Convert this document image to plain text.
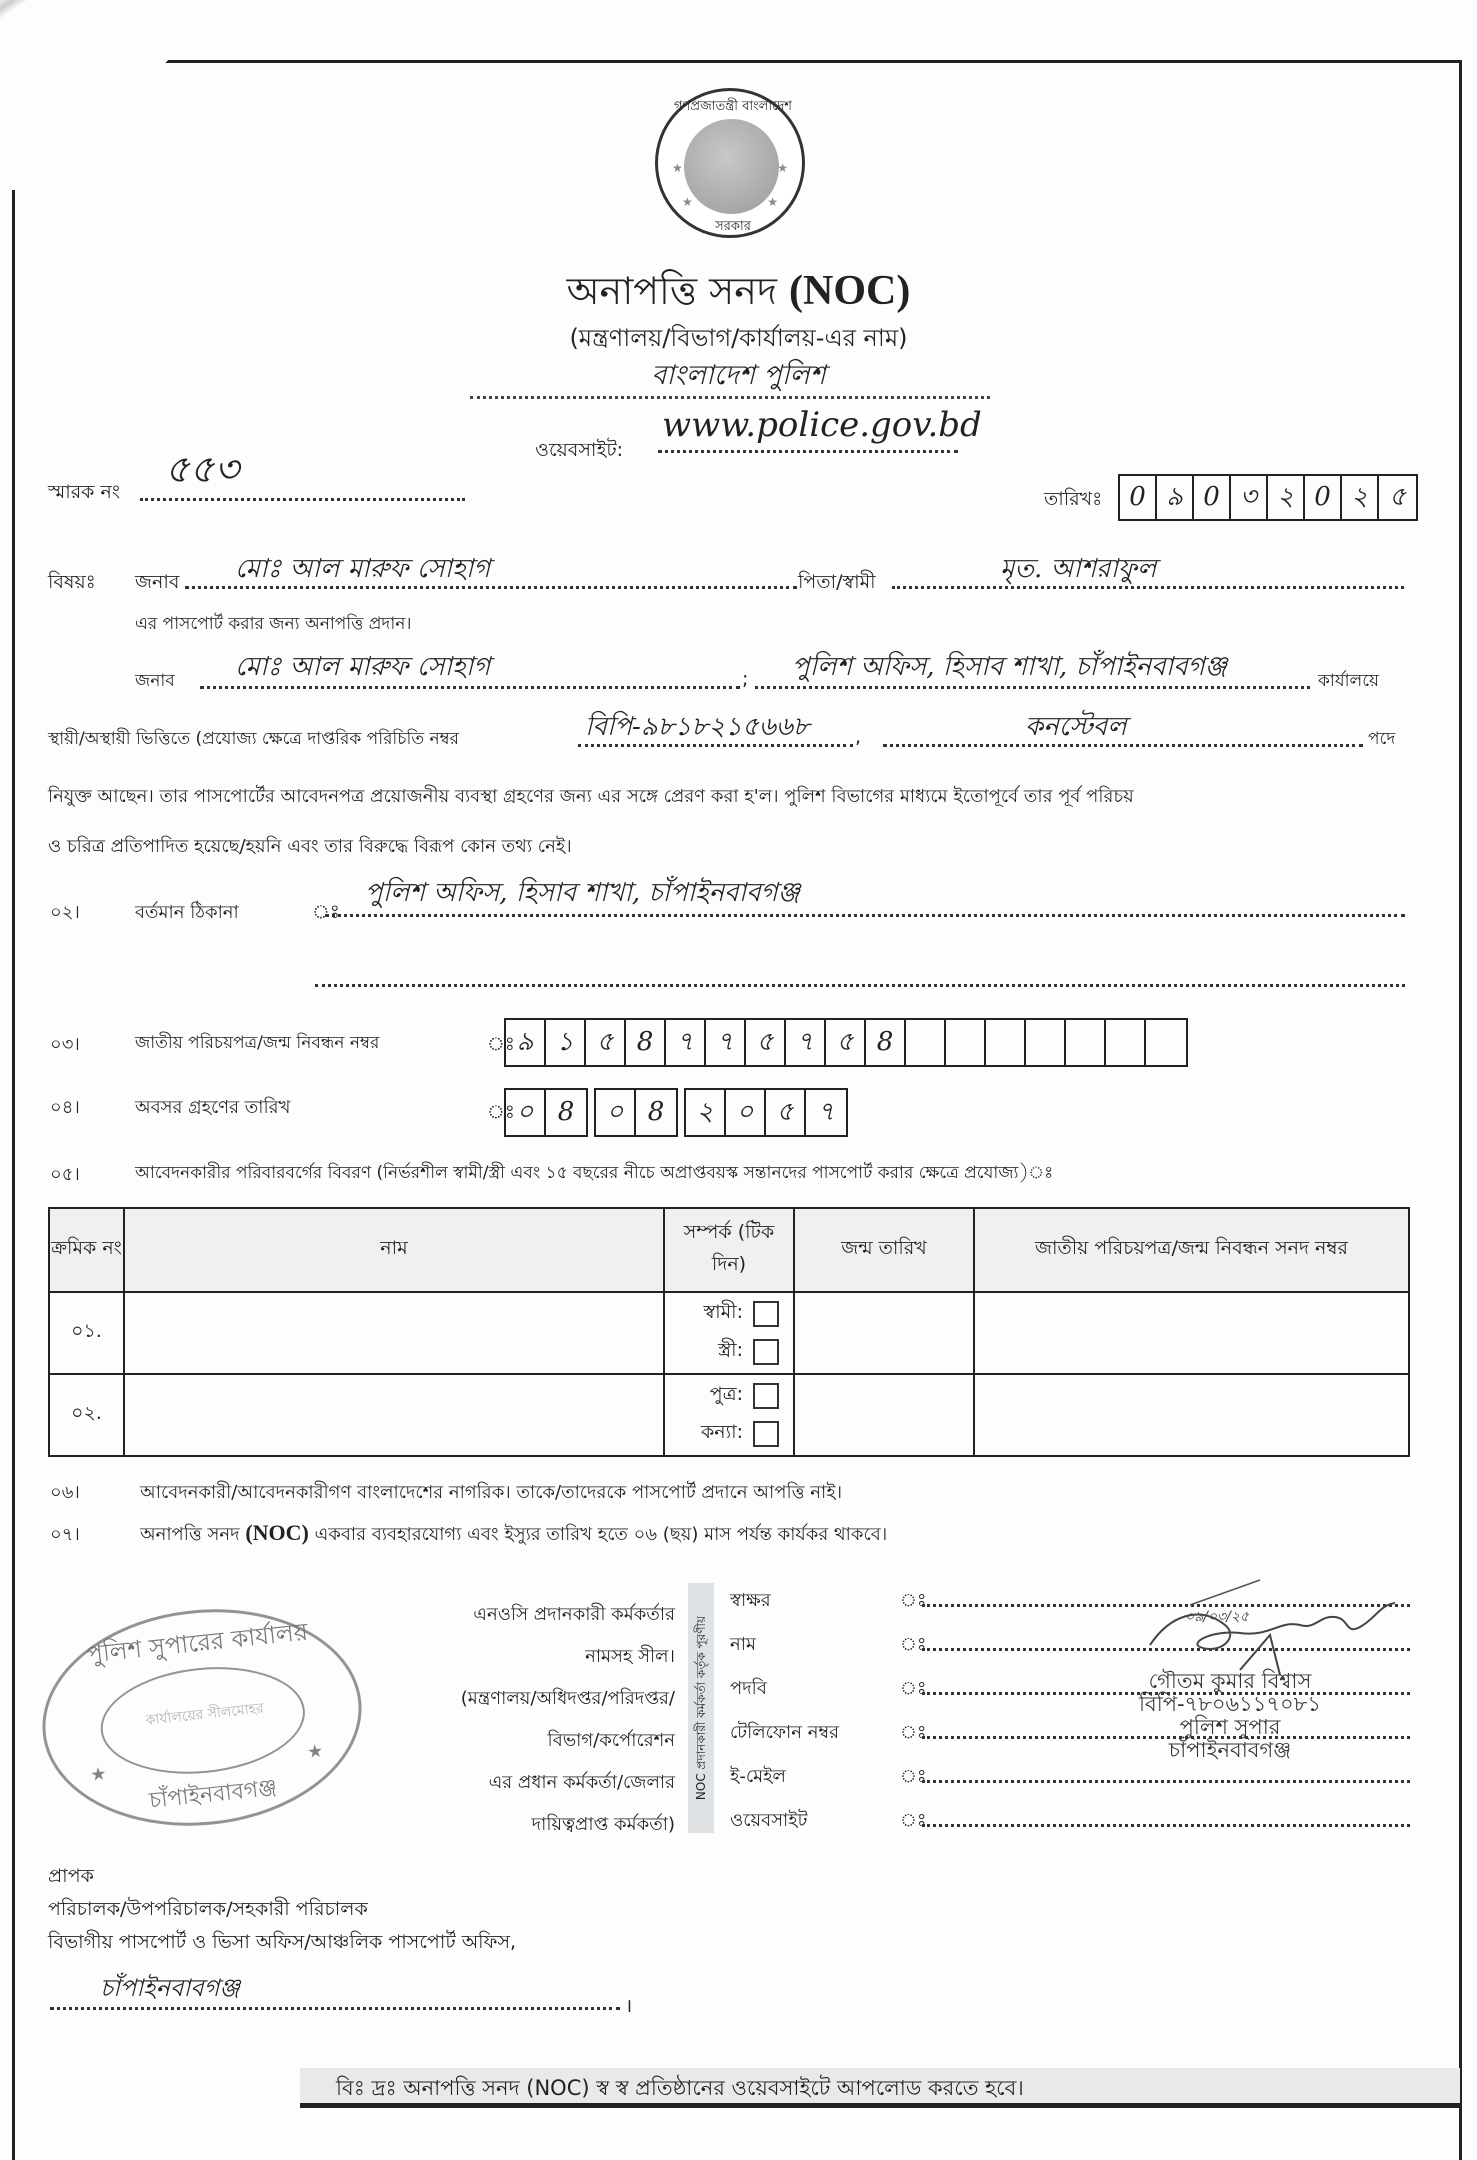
গণপ্রজাতন্ত্রী বাংলাদেশ
★	★
★	★
সরকার
অনাপত্তি সনদ (NOC)
(মন্ত্রণালয়/বিভাগ/কার্যালয়-এর নাম)
বাংলাদেশ পুলিশ
ওয়েবসাইট:
www.police.gov.bd
স্মারক নং
৫৫৩
তারিখঃ	0 ৯ 0 ৩ ২ 0 ২ ৫
বিষয়ঃ জনাব মোঃ আল মারুফ সোহাগ	পিতা/স্বামী	মৃত. আশরাফুল
এর পাসপোর্ট করার জন্য অনাপত্তি প্রদান।
জনাব মোঃ আল মারুফ সোহাগ	; পুলিশ অফিস, হিসাব শাখা, চাঁপাইনবাবগঞ্জ	কার্যালয়ে
স্থায়ী/অস্থায়ী ভিত্তিতে (প্রযোজ্য ক্ষেত্রে দাপ্তরিক পরিচিতি নম্বর	বিপি-৯৮১৮২১৫৬৬৮ ,	কনস্টেবল	পদে
নিযুক্ত আছেন। তার পাসপোর্টের আবেদনপত্র প্রয়োজনীয় ব্যবস্থা গ্রহণের জন্য এর সঙ্গে প্রেরণ করা হ'ল। পুলিশ বিভাগের মাধ্যমে ইতোপূর্বে তার পূর্ব পরিচয়
ও চরিত্র প্রতিপাদিত হয়েছে/হয়নি এবং তার বিরুদ্ধে বিরূপ কোন তথ্য নেই।
০২।	বর্তমান ঠিকানা	ঃ
পুলিশ অফিস, হিসাব শাখা, চাঁপাইনবাবগঞ্জ
০৩।	জাতীয় পরিচয়পত্র/জন্ম নিবন্ধন নম্বর	ঃ ৯ ১ ৫ 8 ৭ ৭ ৫ ৭ ৫ 8
০৪।	অবসর গ্রহণের তারিখ	ঃ ০ 8	০ 8	২ ০ ৫ ৭
০৫।	আবেদনকারীর পরিবারবর্গের বিবরণ (নির্ভরশীল স্বামী/স্ত্রী এবং ১৫ বছরের নীচে অপ্রাপ্তবয়স্ক সন্তানদের পাসপোর্ট করার ক্ষেত্রে প্রযোজ্য)ঃ
ক্রমিক নং	নাম	সম্পর্ক (টিক দিন)	জন্ম তারিখ	জাতীয় পরিচয়পত্র/জন্ম নিবন্ধন সনদ নম্বর
০১.		স্বামী:
স্ত্রী:		

০২.		পুত্র:
কন্যা:		

০৬।	আবেদনকারী/আবেদনকারীগণ বাংলাদেশের নাগরিক। তাকে/তাদেরকে পাসপোর্ট প্রদানে আপত্তি নাই।
০৭।	অনাপত্তি সনদ (NOC) একবার ব্যবহারযোগ্য এবং ইস্যুর তারিখ হতে ০৬ (ছয়) মাস পর্যন্ত কার্যকর থাকবে।
পুলিশ সুপারের কার্যালয়
কার্যালয়ের সীলমোহর
★
★
চাঁপাইনবাবগঞ্জ
এনওসি প্রদানকারী কর্মকর্তার
নামসহ সীল।
(মন্ত্রণালয়/অধিদপ্তর/পরিদপ্তর/
বিভাগ/কর্পোরেশন
এর প্রধান কর্মকর্তা/জেলার
দায়িত্বপ্রাপ্ত কর্মকর্তা)
NOC প্রদানকারী কর্মকর্তা কর্তৃক পূরণীয়
স্বাক্ষর	ঃ
নাম	ঃ
পদবি	ঃ
টেলিফোন নম্বর	ঃ
ই-মেইল	ঃ
ওয়েবসাইট	ঃ
০৯/০৩/২৫
গৌতম কুমার বিশ্বাস
বিপি-৭৮০৬১১৭০৮১
পুলিশ সুপার
চাঁপাইনবাবগঞ্জ
প্রাপক
পরিচালক/উপপরিচালক/সহকারী পরিচালক
বিভাগীয় পাসপোর্ট ও ভিসা অফিস/আঞ্চলিক পাসপোর্ট অফিস,
চাঁপাইনবাবগঞ্জ
।
বিঃ দ্রঃ অনাপত্তি সনদ (NOC) স্ব স্ব প্রতিষ্ঠানের ওয়েবসাইটে আপলোড করতে হবে।
